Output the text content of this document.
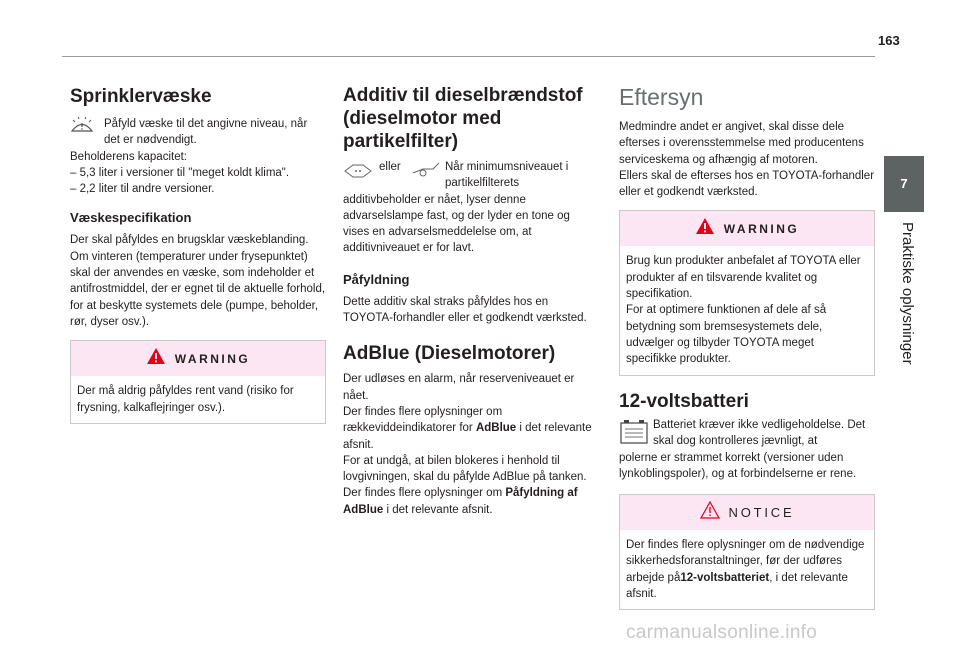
163
7
Praktiske oplysninger
Sprinklervæske
Påfyld væske til det angivne niveau, når det er nødvendigt.
Beholderens kapacitet:
– 5,3 liter i versioner til "meget koldt klima".
– 2,2 liter til andre versioner.
Væskespecifikation
Der skal påfyldes en brugsklar væskeblanding. Om vinteren (temperaturer under frysepunktet) skal der anvendes en væske, som indeholder et antifrostmiddel, der er egnet til de aktuelle forhold, for at beskytte systemets dele (pumpe, beholder, rør, dyser osv.).
WARNING
Der må aldrig påfyldes rent vand (risiko for frysning, kalkaflejringer osv.).
Additiv til dieselbrændstof
(dieselmotor med
partikelfilter)
eller	Når minimumsniveauet i partikelfilterets
additivbeholder er nået, lyser denne advarselslampe fast, og der lyder en tone og vises en advarselsmeddelelse om, at additivniveauet er for lavt.
Påfyldning
Dette additiv skal straks påfyldes hos en TOYOTA-forhandler eller et godkendt værksted.
AdBlue (Dieselmotorer)
Der udløses en alarm, når reserveniveauet er nået.
Der findes flere oplysninger om rækkeviddeindikatorer for AdBlue i det relevante afsnit.
For at undgå, at bilen blokeres i henhold til lovgivningen, skal du påfylde AdBlue på tanken.
Der findes flere oplysninger om Påfyldning af AdBlue i det relevante afsnit.
Eftersyn
Medmindre andet er angivet, skal disse dele efterses i overensstemmelse med producentens serviceskema og afhængig af motoren.
Ellers skal de efterses hos en TOYOTA-forhandler eller et godkendt værksted.
WARNING
Brug kun produkter anbefalet af TOYOTA eller produkter af en tilsvarende kvalitet og specifikation.
For at optimere funktionen af dele af så betydning som bremsesystemets dele, udvælger og tilbyder TOYOTA meget specifikke produkter.
12-voltsbatteri
Batteriet kræver ikke vedligeholdelse. Det skal dog kontrolleres jævnligt, at
polerne er strammet korrekt (versioner uden lynkoblingspoler), og at forbindelserne er rene.
NOTICE
Der findes flere oplysninger om de nødvendige sikkerhedsforanstaltninger, før der udføres arbejde på12-voltsbatteriet, i det relevante afsnit.
carmanualsonline.info
